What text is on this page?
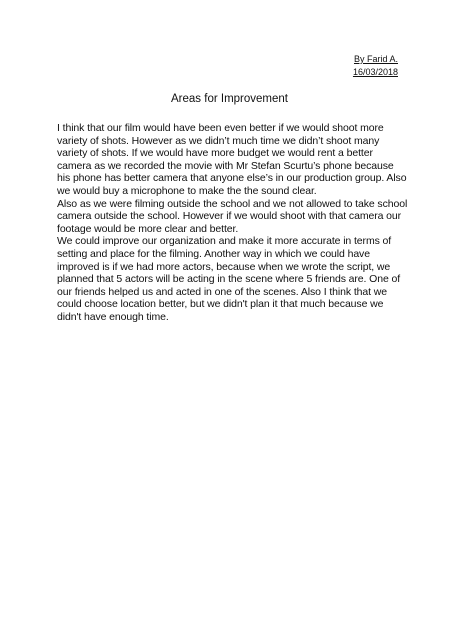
By Farid A.
16/03/2018
Areas for Improvement

I think that our film would have been even better if we would shoot more variety of shots. However as we didn’t much time we didn’t shoot many variety of shots. If we would have more budget we would rent a better camera as we recorded the movie with Mr Stefan Scurtu’s phone because his phone has better camera that anyone else’s in our production group. Also we would buy a microphone to make the the sound clear.

Also as we were filming outside the school and we not allowed to take school camera outside the school. However if we would shoot with that camera our footage would be more clear and better.

We could improve our organization and make it more accurate in terms of setting and place for the filming. Another way in which we could have improved is if we had more actors, because when we wrote the script, we planned that 5 actors will be acting in the scene where 5 friends are. One of our friends helped us and acted in one of the scenes. Also I think that we could choose location better, but we didn't plan it that much because we didn't have enough time.
